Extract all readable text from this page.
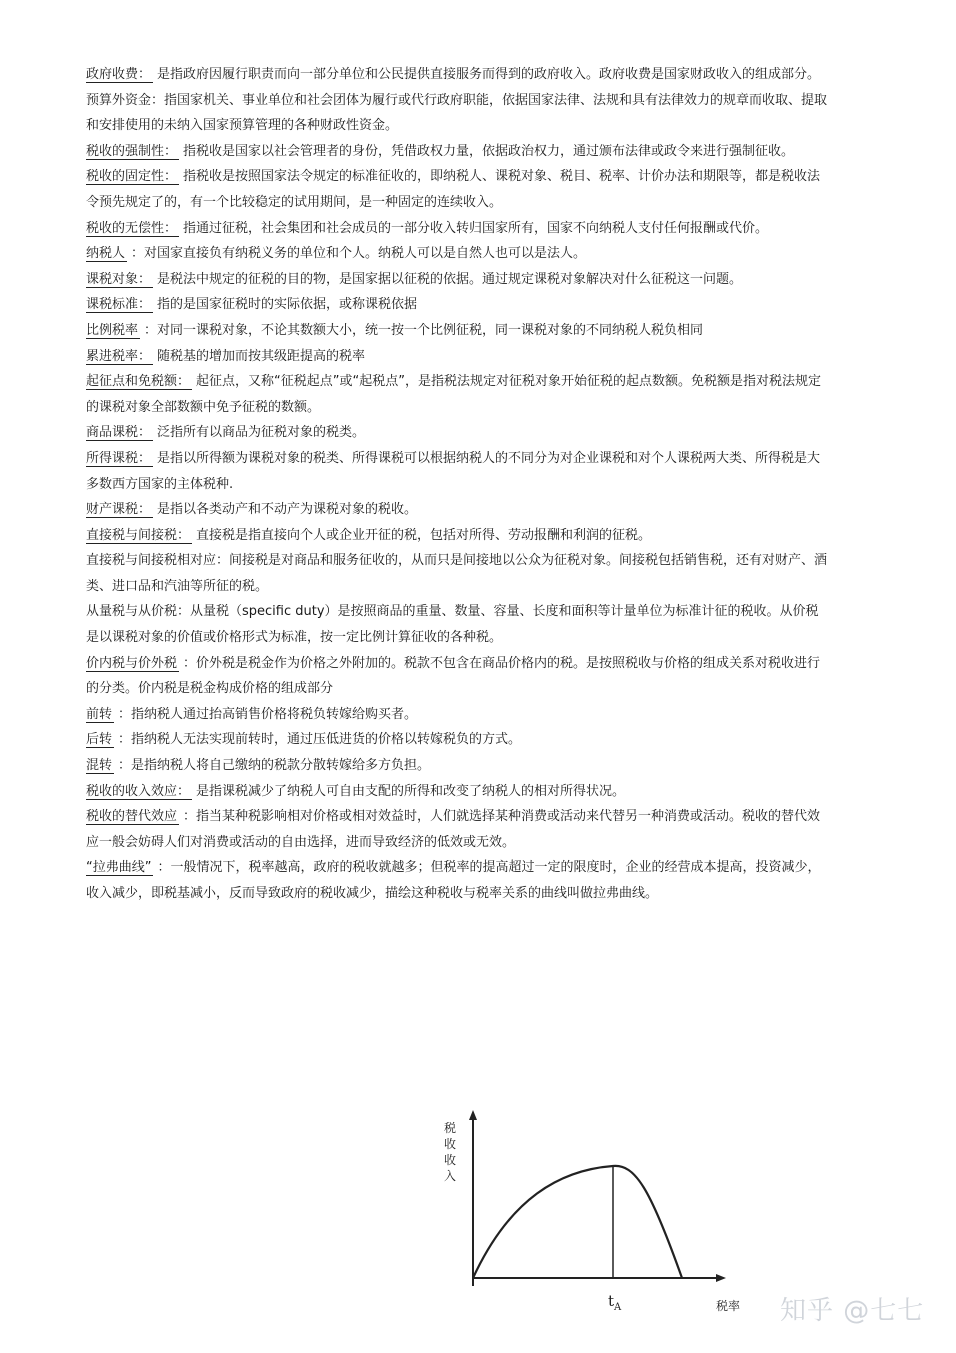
政府收费： 是指政府因履行职责而向一部分单位和公民提供直接服务而得到的政府收入。政府收费是国家财政收入的组成部分。

预算外资金：指国家机关、事业单位和社会团体为履行或代行政府职能，依据国家法律、法规和具有法律效力的规章而收取、提取和安排使用的未纳入国家预算管理的各种财政性资金。

税收的强制性： 指税收是国家以社会管理者的身份，凭借政权力量，依据政治权力，通过颁布法律或政令来进行强制征收。

税收的固定性： 指税收是按照国家法令规定的标准征收的，即纳税人、课税对象、税目、税率、计价办法和期限等，都是税收法令预先规定了的，有一个比较稳定的试用期间，是一种固定的连续收入。

税收的无偿性： 指通过征税，社会集团和社会成员的一部分收入转归国家所有，国家不向纳税人支付任何报酬或代价。

纳税人 ：对国家直接负有纳税义务的单位和个人。纳税人可以是自然人也可以是法人。

课税对象： 是税法中规定的征税的目的物，是国家据以征税的依据。通过规定课税对象解决对什么征税这一问题。

课税标准： 指的是国家征税时的实际依据，或称课税依据

比例税率 ：对同一课税对象，不论其数额大小，统一按一个比例征税，同一课税对象的不同纳税人税负相同

累进税率： 随税基的增加而按其级距提高的税率

起征点和免税额： 起征点，又称“征税起点”或“起税点”，是指税法规定对征税对象开始征税的起点数额。免税额是指对税法规定的课税对象全部数额中免予征税的数额。

商品课税： 泛指所有以商品为征税对象的税类。

所得课税： 是指以所得额为课税对象的税类、所得课税可以根据纳税人的不同分为对企业课税和对个人课税两大类、所得税是大多数西方国家的主体税种.

财产课税： 是指以各类动产和不动产为课税对象的税收。

直接税与间接税： 直接税是指直接向个人或企业开征的税，包括对所得、劳动报酬和利润的征税。

直接税与间接税相对应：间接税是对商品和服务征收的，从而只是间接地以公众为征税对象。间接税包括销售税，还有对财产、酒类、进口品和汽油等所征的税。

从量税与从价税：从量税（specific duty）是按照商品的重量、数量、容量、长度和面积等计量单位为标准计征的税收。从价税是以课税对象的价值或价格形式为标准，按一定比例计算征收的各种税。

价内税与价外税 ：价外税是税金作为价格之外附加的。税款不包含在商品价格内的税。是按照税收与价格的组成关系对税收进行的分类。价内税是税金构成价格的组成部分

前转 ：指纳税人通过抬高销售价格将税负转嫁给购买者。

后转 ：指纳税人无法实现前转时，通过压低进货的价格以转嫁税负的方式。

混转 ：是指纳税人将自己缴纳的税款分散转嫁给多方负担。

税收的收入效应： 是指课税减少了纳税人可自由支配的所得和改变了纳税人的相对所得状况。

税收的替代效应 ：指当某种税影响相对价格或相对效益时，人们就选择某种消费或活动来代替另一种消费或活动。税收的替代效应一般会妨碍人们对消费或活动的自由选择，进而导致经济的低效或无效。

“拉弗曲线” ：一般情况下，税率越高，政府的税收就越多；但税率的提高超过一定的限度时，企业的经营成本提高，投资减少，收入减少，即税基减小，反而导致政府的税收减少，描绘这种税收与税率关系的曲线叫做拉弗曲线。

税
收
收
入
$t_A$	税率 知乎 @七七
